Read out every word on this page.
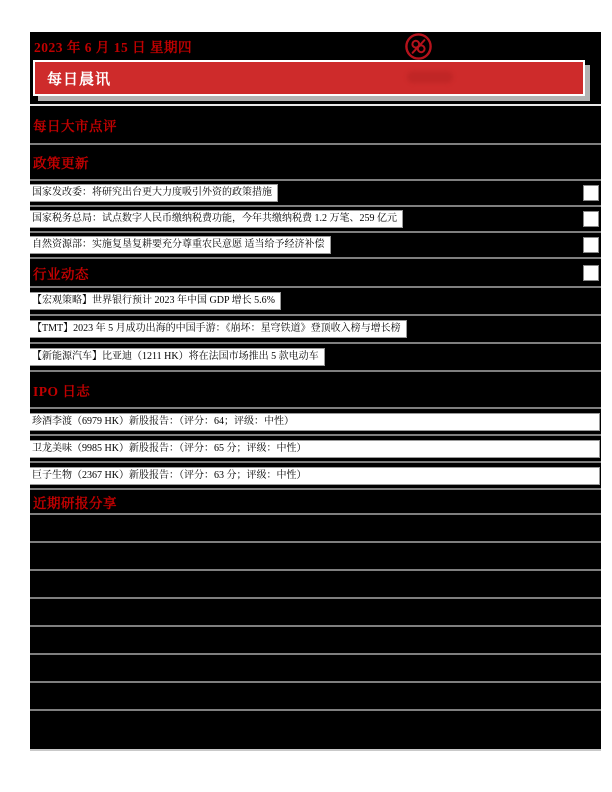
2023 年 6 月 15 日 星期四
每日晨讯
每日大市点评
政策更新
国家发改委：将研究出台更大力度吸引外资的政策措施
国家税务总局：试点数字人民币缴纳税费功能，今年共缴纳税费 1.2 万笔、259 亿元
自然资源部：实施复垦复耕要充分尊重农民意愿 适当给予经济补偿
行业动态
【宏观策略】世界银行预计 2023 年中国 GDP 增长 5.6%
【TMT】2023 年 5 月成功出海的中国手游：《崩坏：星穹铁道》登顶收入榜与增长榜
【新能源汽车】比亚迪（1211 HK）将在法国市场推出 5 款电动车
IPO 日志
珍酒李渡（6979 HK）新股报告：（评分：64；评级：中性）
卫龙美味（9985 HK）新股报告：（评分：65 分；评级：中性）
巨子生物（2367 HK）新股报告：（评分：63 分；评级：中性）
近期研报分享
